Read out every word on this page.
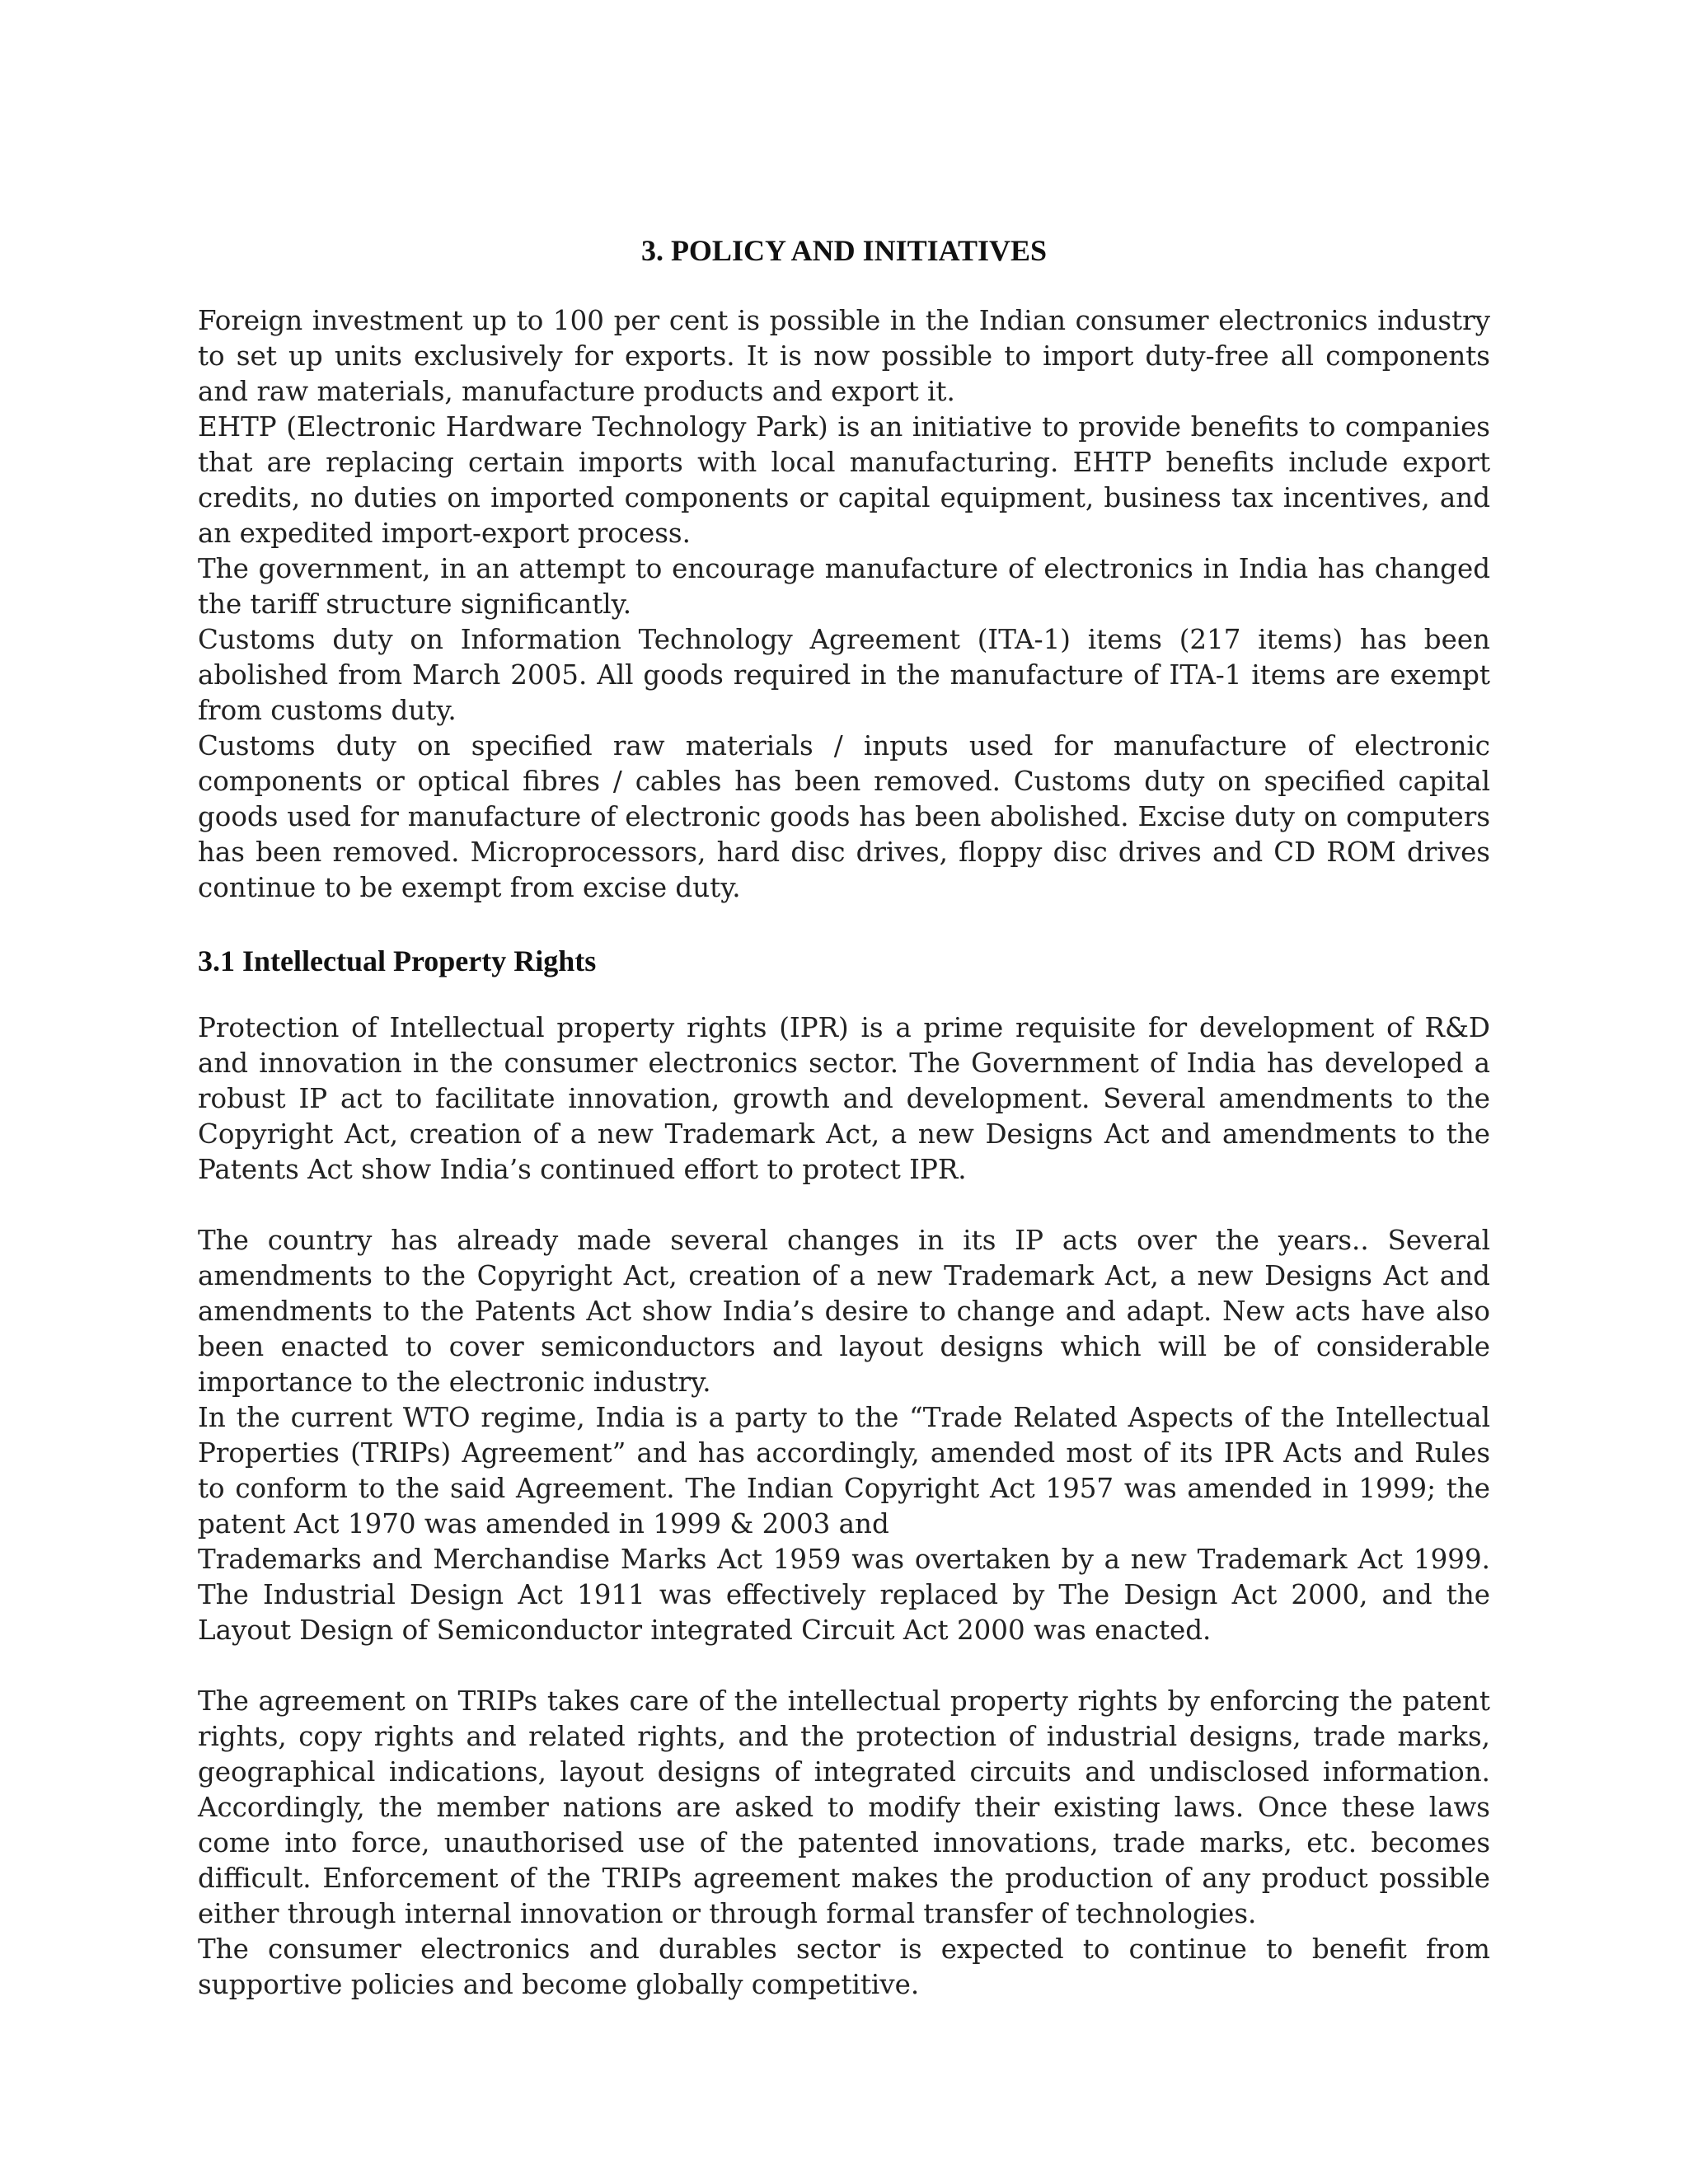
3. POLICY AND INITIATIVES

Foreign investment up to 100 per cent is possible in the Indian consumer electronics industry to set up units exclusively for exports. It is now possible to import duty-free all components and raw materials, manufacture products and export it.

EHTP (Electronic Hardware Technology Park) is an initiative to provide benefits to companies that are replacing certain imports with local manufacturing. EHTP benefits include export credits, no duties on imported components or capital equipment, business tax incentives, and an expedited import-export process.

The government, in an attempt to encourage manufacture of electronics in India has changed the tariff structure significantly.

Customs duty on Information Technology Agreement (ITA-1) items (217 items) has been abolished from March 2005. All goods required in the manufacture of ITA-1 items are exempt from customs duty.

Customs duty on specified raw materials / inputs used for manufacture of electronic components or optical fibres / cables has been removed. Customs duty on specified capital goods used for manufacture of electronic goods has been abolished. Excise duty on computers has been removed. Microprocessors, hard disc drives, floppy disc drives and CD ROM drives continue to be exempt from excise duty.

3.1 Intellectual Property Rights

Protection of Intellectual property rights (IPR) is a prime requisite for development of R&D and innovation in the consumer electronics sector. The Government of India has developed a robust IP act to facilitate innovation, growth and development. Several amendments to the Copyright Act, creation of a new Trademark Act, a new Designs Act and amendments to the Patents Act show India’s continued effort to protect IPR.

The country has already made several changes in its IP acts over the years.. Several amendments to the Copyright Act, creation of a new Trademark Act, a new Designs Act and amendments to the Patents Act show India’s desire to change and adapt. New acts have also been enacted to cover semiconductors and layout designs which will be of considerable importance to the electronic industry.

In the current WTO regime, India is a party to the “Trade Related Aspects of the Intellectual Properties (TRIPs) Agreement” and has accordingly, amended most of its IPR Acts and Rules to conform to the said Agreement. The Indian Copyright Act 1957 was amended in 1999; the patent Act 1970 was amended in 1999 & 2003 and

Trademarks and Merchandise Marks Act 1959 was overtaken by a new Trademark Act 1999. The Industrial Design Act 1911 was effectively replaced by The Design Act 2000, and the Layout Design of Semiconductor integrated Circuit Act 2000 was enacted.

The agreement on TRIPs takes care of the intellectual property rights by enforcing the patent rights, copy rights and related rights, and the protection of industrial designs, trade marks, geographical indications, layout designs of integrated circuits and undisclosed information. Accordingly, the member nations are asked to modify their existing laws. Once these laws come into force, unauthorised use of the patented innovations, trade marks, etc. becomes difficult. Enforcement of the TRIPs agreement makes the production of any product possible either through internal innovation or through formal transfer of technologies.

The consumer electronics and durables sector is expected to continue to benefit from supportive policies and become globally competitive.
